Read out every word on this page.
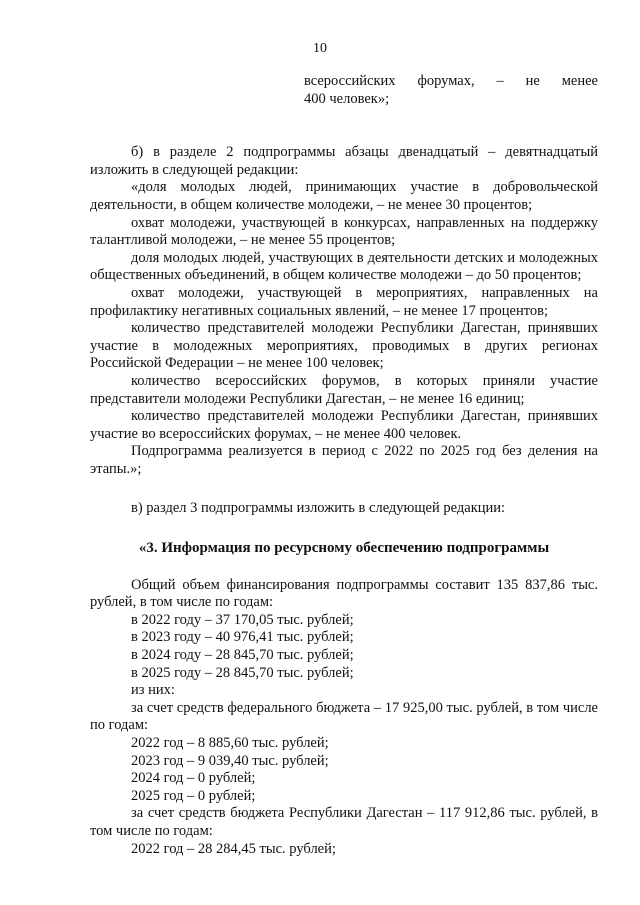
10

всероссийских форумах, – не менее

400 человек»;

б) в разделе 2 подпрограммы абзацы двенадцатый – девятнадцатый изложить в следующей редакции:

«доля молодых людей, принимающих участие в добровольческой деятельности, в общем количестве молодежи, – не менее 30 процентов;

охват молодежи, участвующей в конкурсах, направленных на поддержку талантливой молодежи, – не менее 55 процентов;

доля молодых людей, участвующих в деятельности детских и молодежных общественных объединений, в общем количестве молодежи – до 50 процентов;

охват молодежи, участвующей в мероприятиях, направленных на профилактику негативных социальных явлений, – не менее 17 процентов;

количество представителей молодежи Республики Дагестан, принявших участие в молодежных мероприятиях, проводимых в других регионах Российской Федерации – не менее 100 человек;

количество всероссийских форумов, в которых приняли участие представители молодежи Республики Дагестан, – не менее 16 единиц;

количество представителей молодежи Республики Дагестан, принявших участие во всероссийских форумах, – не менее 400 человек.

Подпрограмма реализуется в период с 2022 по 2025 год без деления на этапы.»;

в) раздел 3 подпрограммы изложить в следующей редакции:

«3. Информация по ресурсному обеспечению подпрограммы

Общий объем финансирования подпрограммы составит 135 837,86 тыс. рублей, в том числе по годам:

в 2022 году – 37 170,05 тыс. рублей;

в 2023 году – 40 976,41 тыс. рублей;

в 2024 году – 28 845,70 тыс. рублей;

в 2025 году – 28 845,70 тыс. рублей;

из них:

за счет средств федерального бюджета – 17 925,00 тыс. рублей, в том числе по годам:

2022 год – 8 885,60 тыс. рублей;

2023 год – 9 039,40 тыс. рублей;

2024 год – 0 рублей;

2025 год – 0 рублей;

за счет средств бюджета Республики Дагестан – 117 912,86 тыс. рублей, в том числе по годам:

2022 год – 28 284,45 тыс. рублей;
